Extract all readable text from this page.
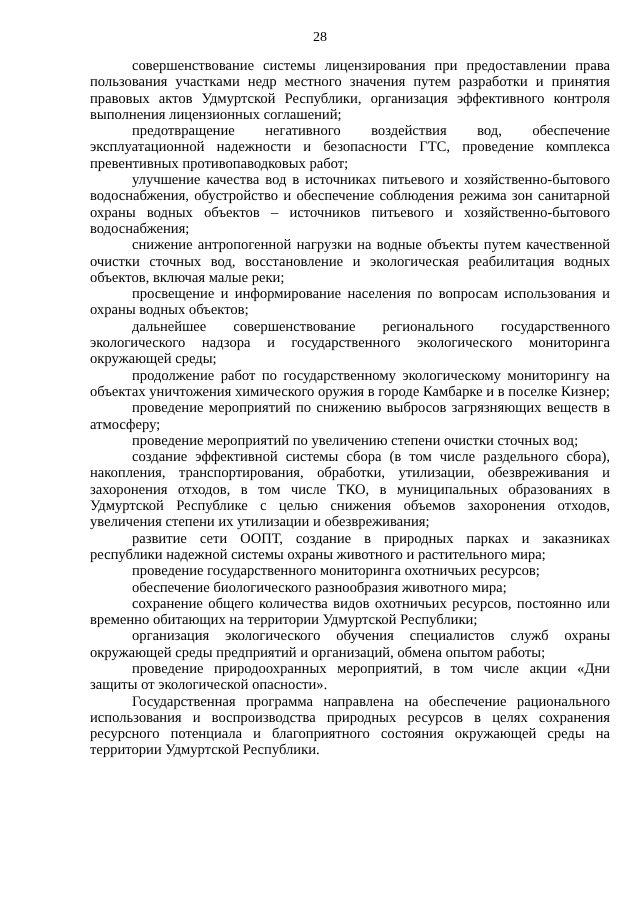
28

совершенствование системы лицензирования при предоставлении права пользования участками недр местного значения путем разработки и принятия правовых актов Удмуртской Республики, организация эффективного контроля выполнения лицензионных соглашений;

предотвращение негативного воздействия вод, обеспечение эксплуатационной надежности и безопасности ГТС, проведение комплекса превентивных противопаводковых работ;

улучшение качества вод в источниках питьевого и хозяйственно-бытового водоснабжения, обустройство и обеспечение соблюдения режима зон санитарной охраны водных объектов – источников питьевого и хозяйственно-бытового водоснабжения;

снижение антропогенной нагрузки на водные объекты путем качественной очистки сточных вод, восстановление и экологическая реабилитация водных объектов, включая малые реки;

просвещение и информирование населения по вопросам использования и охраны водных объектов;

дальнейшее совершенствование регионального государственного экологического надзора и государственного экологического мониторинга окружающей среды;

продолжение работ по государственному экологическому мониторингу на объектах уничтожения химического оружия в городе Камбарке и в поселке Кизнер;

проведение мероприятий по снижению выбросов загрязняющих веществ в атмосферу;

проведение мероприятий по увеличению степени очистки сточных вод;

создание эффективной системы сбора (в том числе раздельного сбора), накопления, транспортирования, обработки, утилизации, обезвреживания и захоронения отходов, в том числе ТКО, в муниципальных образованиях в Удмуртской Республике с целью снижения объемов захоронения отходов, увеличения степени их утилизации и обезвреживания;

развитие сети ООПТ, создание в природных парках и заказниках республики надежной системы охраны животного и растительного мира;

проведение государственного мониторинга охотничьих ресурсов;

обеспечение биологического разнообразия животного мира;

сохранение общего количества видов охотничьих ресурсов, постоянно или временно обитающих на территории Удмуртской Республики;

организация экологического обучения специалистов служб охраны окружающей среды предприятий и организаций, обмена опытом работы;

проведение природоохранных мероприятий, в том числе акции «Дни защиты от экологической опасности».

Государственная программа направлена на обеспечение рационального использования и воспроизводства природных ресурсов в целях сохранения ресурсного потенциала и благоприятного состояния окружающей среды на территории Удмуртской Республики.
